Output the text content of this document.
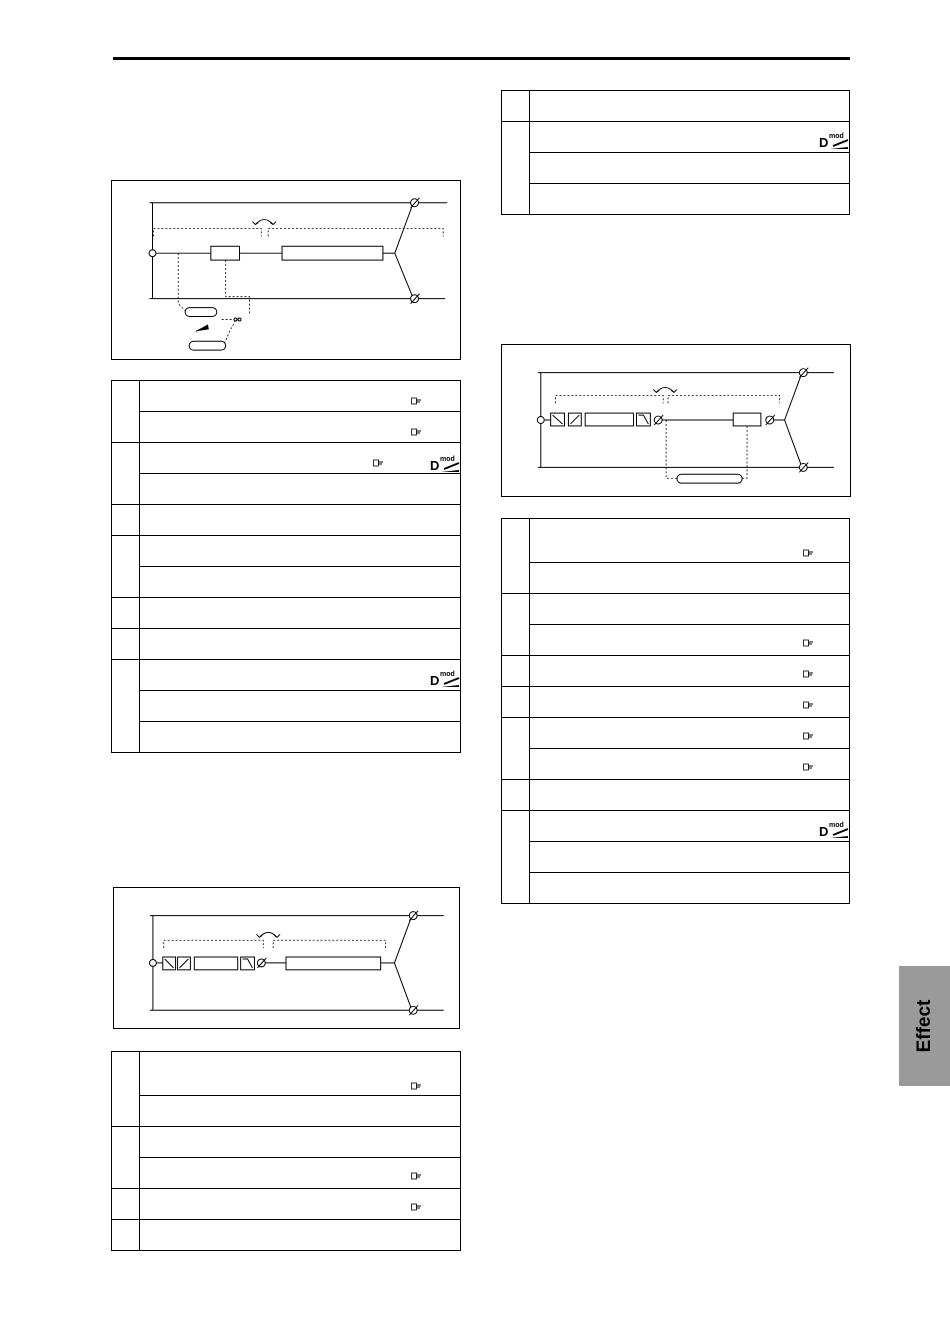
	D mod

	D mod

	D mod

	D mod

Effect
